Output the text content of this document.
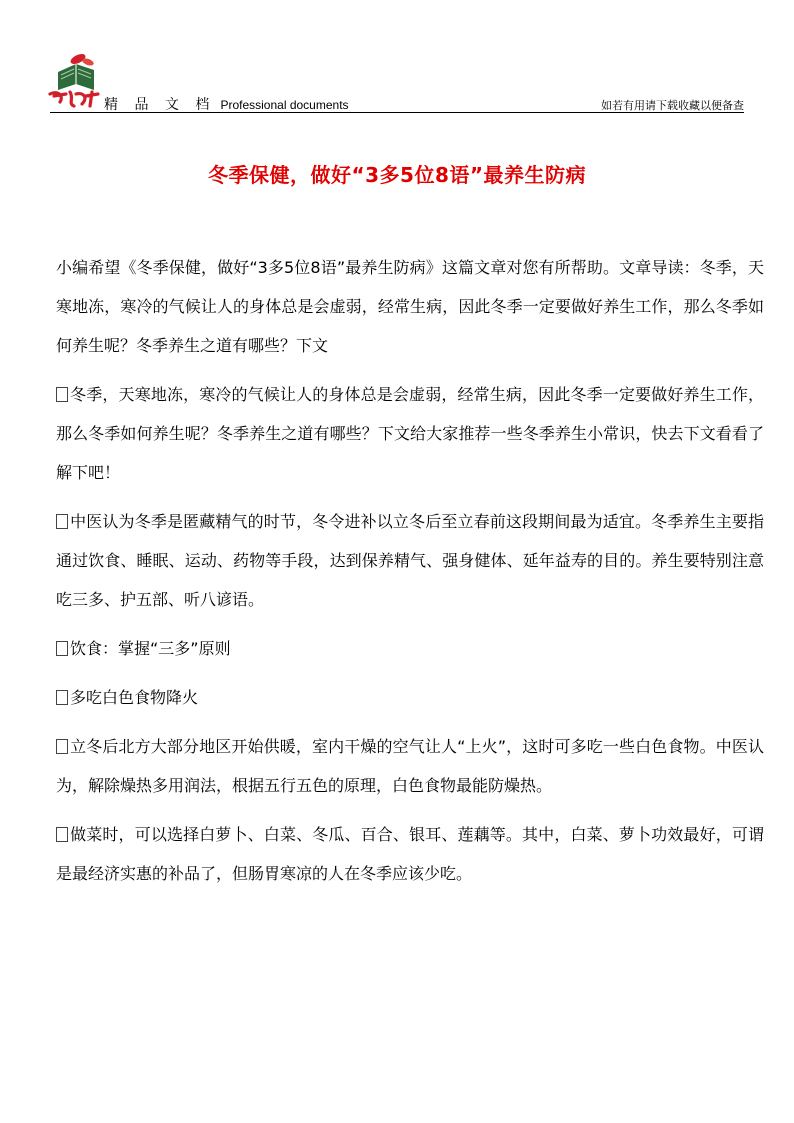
精 品 文 档 Professional documents	如若有用请下载收藏以便备查
冬季保健，做好“3多5位8语”最养生防病

小编希望《冬季保健，做好“3多5位8语”最养生防病》这篇文章对您有所帮助。文章导读：冬季，天寒地冻，寒冷的气候让人的身体总是会虚弱，经常生病，因此冬季一定要做好养生工作，那么冬季如何养生呢？冬季养生之道有哪些？下文

冬季，天寒地冻，寒冷的气候让人的身体总是会虚弱，经常生病，因此冬季一定要做好养生工作，那么冬季如何养生呢？冬季养生之道有哪些？下文给大家推荐一些冬季养生小常识，快去下文看看了解下吧！

中医认为冬季是匿藏精气的时节，冬令进补以立冬后至立春前这段期间最为适宜。冬季养生主要指通过饮食、睡眠、运动、药物等手段，达到保养精气、强身健体、延年益寿的目的。养生要特别注意吃三多、护五部、听八谚语。

饮食：掌握“三多”原则

多吃白色食物降火

立冬后北方大部分地区开始供暖，室内干燥的空气让人“上火”，这时可多吃一些白色食物。中医认为，解除燥热多用润法，根据五行五色的原理，白色食物最能防燥热。

做菜时，可以选择白萝卜、白菜、冬瓜、百合、银耳、莲藕等。其中，白菜、萝卜功效最好，可谓是最经济实惠的补品了，但肠胃寒凉的人在冬季应该少吃。
